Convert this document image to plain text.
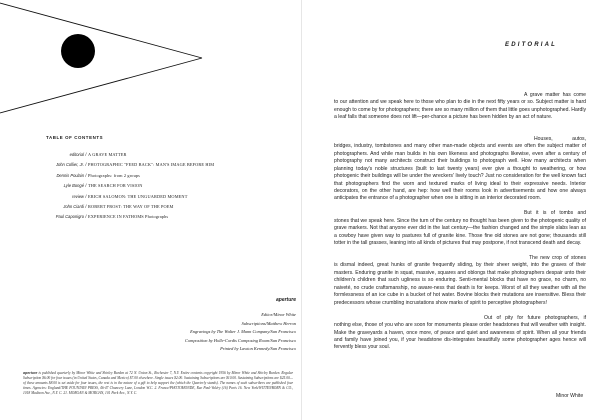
TABLE OF CONTENTS
editorial/A GRAVE MATTER
John Collier, Jr./PHOTOGRAPHIC "FEED BACK": MAN'S IMAGE BEFORE HIM
Dennis Poulain/Photographs: from 2 groups
Lyle Bongé/THE SEARCH FOR VISION
review/ERICH SALOMON: THE UNGUARDED MOMENT
John Ciardi/ROBERT FROST: THE WAY OF THE POEM
Paul Caponigro/EXPERIENCE IN FATHOMS Photographs
aperture
Editor/Minor White
Subscriptions/Matthew Herron
Engravings by The Walter J. Mann Company/San Francisco
Composition by Holle-Cordis Composing Room/San Francisco
Printed by Lawton Kennedy/San Francisco
aperture is published quarterly by Minor White and Shirley Burden at 72 N. Union St., Rochester 7, N.Y. Entire contents copyright 1956 by Minor White and Shirley Burden. Regular Subscription $6.00 for four issues (in United States, Canada and Mexico) $7.00 elsewhere. Single issues $2.00. Sustaining Subscriptions are $10.00. Sustaining Subscriptions are $25.00—of these amounts $8.00 is set aside for four issues, the rest is in the nature of a gift to help support the (which the Quarterly stands). The names of such subscribers are published four times. Agencies: England/THE FOUNTAIN PRESS, 46-47 Chancery Lane, London W.C. 2. France/PHOTOMONDE, Rue Paul-Valéry (16) Paris 16. New York/WITTENBORN & CO., 1018 Madison Ave., N.Y. C. 21. MORGAN & MORGAN, 101 Park Ave., N.Y. C.
EDITORIAL

A grave matter has come to our attention and we speak here to those who plan to die in the next fifty years or so. Subject matter is hard enough to come by for photographers; there are so many million of them that little goes unphotographed. Hardly a leaf falls that someone does not lift—per-chance a picture has been hidden by an act of nature.

Houses, autos, bridges, industry, tombstones and many other man-made objects and events are often the subject matter of photographers. And while man builds in his own likeness and photographs likewise, even after a century of photography not many architects construct their buildings to photograph well. How many architects when planning today's noble structures (built to last twenty years) ever give a thought to weathering, or how photogenic their buildings will be under the wreckers' lively touch? Just no consideration for the well known fact that photographers find the worn and textured marks of living ideal to their expressive needs. Interior decorators, on the other hand, are hep: how well their rooms look in advertisements and how one always anticipates the entrance of a photographer when one is sitting in an interior decorated room.

But it is of tombs and stones that we speak here. Since the turn of the century no thought has been given to the photogenic quality of grave markers. Not that anyone ever did in the last century—the fashion changed and the simple slabs lean as a cowboy have given way to pastures full of granite kine. Those fine old stones are not gone; thousands still totter in the tall grasses, leaning into all kinds of pictures that may postpone, if not transcend death and decay.

The new crop of stones is dismal indeed, great hunks of granite frequently sliding, by their sheer weight, into the graves of their masters. Enduring granite in squat, massive, squares and oblongs that make photographers despair unto their children's children that such ugliness is so enduring. Senti-mental blocks that have no grace, no charm, no naiveté, no crude craftsmanship, no aware-ness that death is for keeps. Worst of all they weather with all the formlessness of an ice cube in a bucket of hot water. Bovine blocks their mutations are insensitive. Bless their predecessors whose crumbling incrustations show marks of spirit to perceptive photographers!

Out of pity for future photographers, if nothing else, those of you who are soon for monuments please order headstones that will weather with insight. Make the graveyards a haven, once more, of peace and quiet and awareness of spirit. When all your friends and family have joined you, if your headstone dis-integrates beautifully some photographer ages hence will fervently bless your soul.

Minor White
